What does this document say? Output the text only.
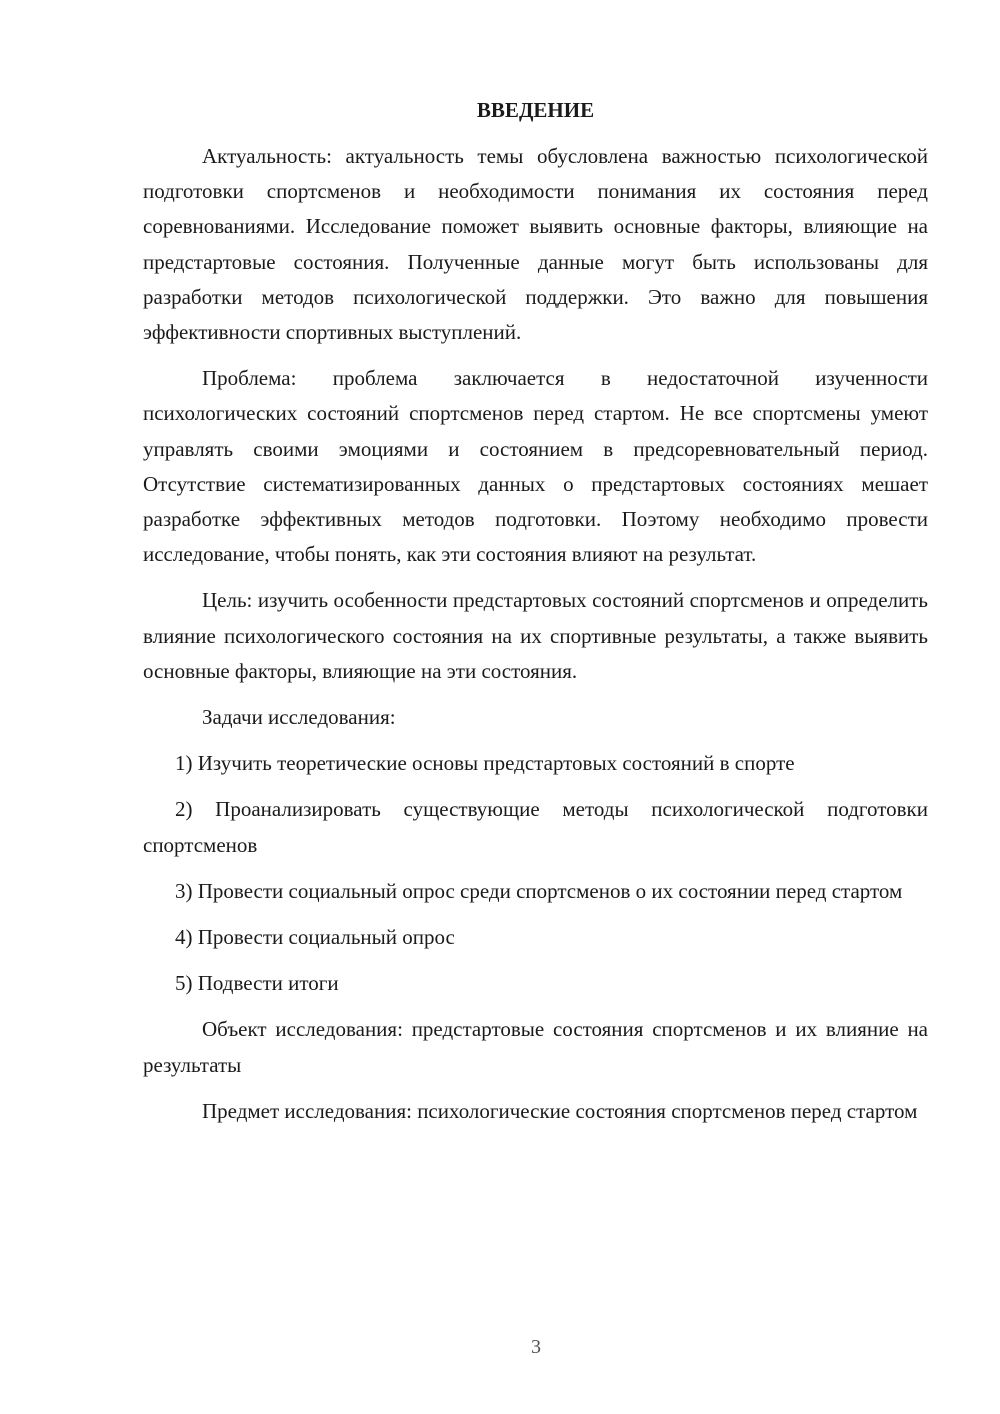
ВВЕДЕНИЕ

Актуальность: актуальность темы обусловлена важностью психологической подготовки спортсменов и необходимости понимания их состояния перед соревнованиями. Исследование поможет выявить основные факторы, влияющие на предстартовые состояния. Полученные данные могут быть использованы для разработки методов психологической поддержки. Это важно для повышения эффективности спортивных выступлений.

Проблема: проблема заключается в недостаточной изученности психологических состояний спортсменов перед стартом. Не все спортсмены умеют управлять своими эмоциями и состоянием в предсоревновательный период. Отсутствие систематизированных данных о предстартовых состояниях мешает разработке эффективных методов подготовки. Поэтому необходимо провести исследование, чтобы понять, как эти состояния влияют на результат.

Цель: изучить особенности предстартовых состояний спортсменов и определить влияние психологического состояния на их спортивные результаты, а также выявить основные факторы, влияющие на эти состояния.

Задачи исследования:

1) Изучить теоретические основы предстартовых состояний в спорте

2) Проанализировать существующие методы психологической подготовки спортсменов

3) Провести социальный опрос среди спортсменов о их состоянии перед стартом

4) Провести социальный опрос

5) Подвести итоги

Объект исследования: предстартовые состояния спортсменов и их влияние на результаты

Предмет исследования: психологические состояния спортсменов перед стартом

3
